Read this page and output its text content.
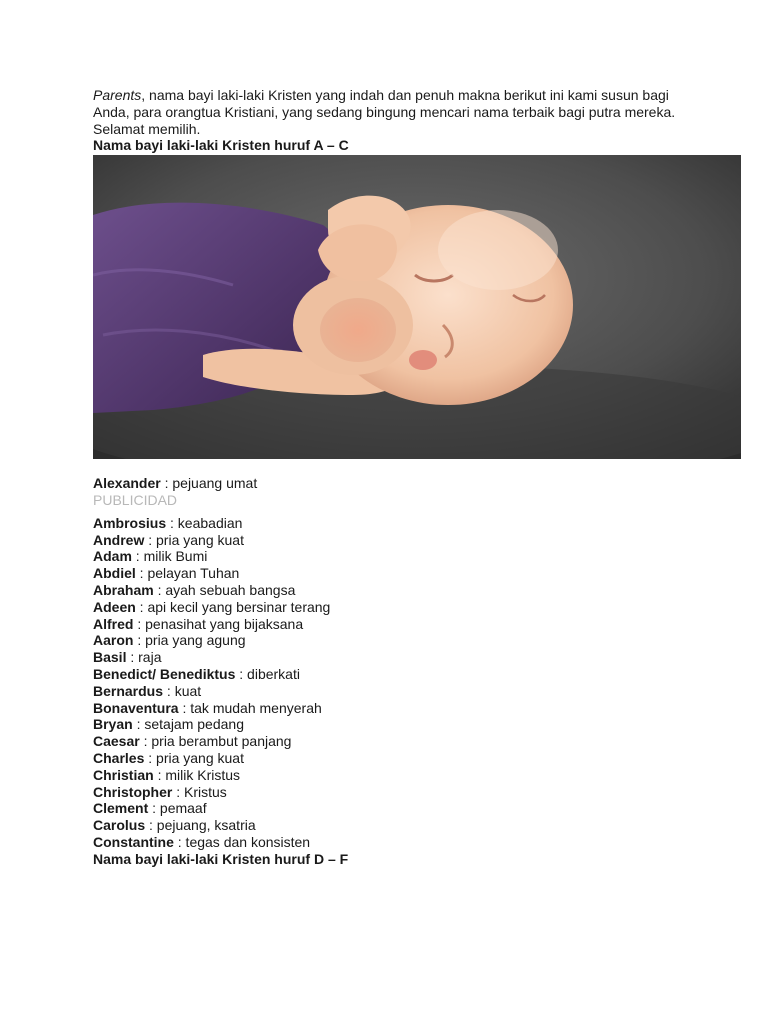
Parents, nama bayi laki-laki Kristen yang indah dan penuh makna berikut ini kami susun bagi Anda, para orangtua Kristiani, yang sedang bingung mencari nama terbaik bagi putra mereka. Selamat memilih.

Nama bayi laki-laki Kristen huruf A – C

Alexander : pejuang umat

PUBLICIDAD

Ambrosius : keabadian
Andrew : pria yang kuat
Adam : milik Bumi
Abdiel : pelayan Tuhan
Abraham : ayah sebuah bangsa
Adeen : api kecil yang bersinar terang
Alfred : penasihat yang bijaksana
Aaron : pria yang agung
Basil : raja
Benedict/ Benediktus : diberkati
Bernardus : kuat
Bonaventura : tak mudah menyerah
Bryan : setajam pedang
Caesar : pria berambut panjang
Charles : pria yang kuat
Christian : milik Kristus
Christopher : Kristus
Clement : pemaaf
Carolus : pejuang, ksatria
Constantine : tegas dan konsisten

Nama bayi laki-laki Kristen huruf D – F
